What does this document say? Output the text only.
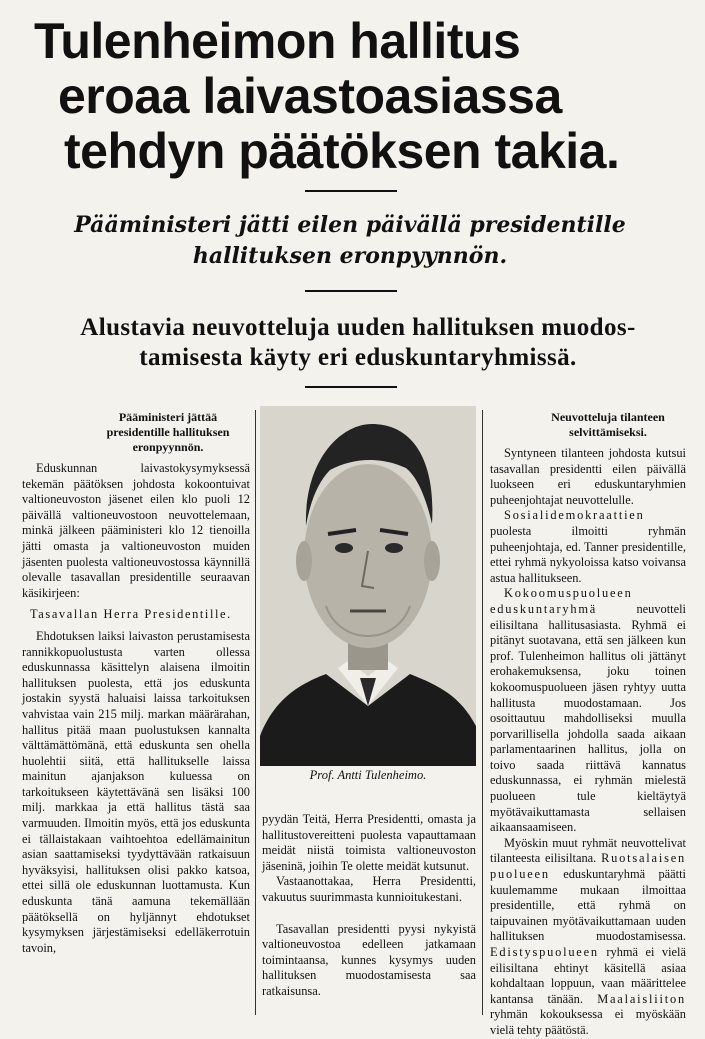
Tulenheimon hallitus
eroaa laivastoasiassa
tehdyn päätöksen takia.
Pääministeri jätti eilen päivällä presidentille
hallituksen eronpyynnön.
Alustavia neuvotteluja uuden hallituksen muodos-
tamisesta käyty eri eduskuntaryhmissä.

Pääministeri jättää presidentille hallituksen eronpyynnön.

Eduskunnan laivastokysymyksessä tekemän päätöksen johdosta kokoontuivat valtioneuvoston jäsenet eilen klo puoli 12 päivällä valtioneuvostoon neuvottelemaan, minkä jälkeen pääministeri klo 12 tienoilla jätti omasta ja valtioneuvoston muiden jäsenten puolesta valtioneuvostossa käynnillä olevalle tasavallan presidentille seuraavan käsikirjeen:

Tasavallan Herra Presidentille.

Ehdotuksen laiksi laivaston perustamisesta rannikkopuolustusta varten ollessa eduskunnassa käsittelyn alaisena ilmoitin hallituksen puolesta, että jos eduskunta jostakin syystä haluaisi laissa tarkoituksen vahvistaa vain 215 milj. markan määrärahan, hallitus pitää maan puolustuksen kannalta välttämättömänä, että eduskunta sen ohella huolehtii siitä, että hallitukselle laissa mainitun ajanjakson kuluessa on tarkoitukseen käytettävänä sen lisäksi 100 milj. markkaa ja että hallitus tästä saa varmuuden. Ilmoitin myös, että jos eduskunta ei tällaistakaan vaihtoehtoa edellämainitun asian saattamiseksi tyydyttävään ratkaisuun hyväksyisi, hallituksen olisi pakko katsoa, ettei sillä ole eduskunnan luottamusta. Kun eduskunta tänä aamuna tekemällään päätöksellä on hyljännyt ehdotukset kysymyksen järjestämiseksi edelläkerrotuin tavoin,

Prof. Antti Tulenheimo.

pyydän Teitä, Herra Presidentti, omasta ja hallitustovereitteni puolesta vapauttamaan meidät niistä toimista valtioneuvoston jäseninä, joihin Te olette meidät kutsunut.

Vastaanottakaa, Herra Presidentti, vakuutus suurimmasta kunnioitukestani.

Tasavallan presidentti pyysi nykyistä valtioneuvostoa edelleen jatkamaan toimintaansa, kunnes kysymys uuden hallituksen muodostamisesta saa ratkaisunsa.

Neuvotteluja tilanteen selvittämiseksi.

Syntyneen tilanteen johdosta kutsui tasavallan presidentti eilen päivällä luokseen eri eduskuntaryhmien puheenjohtajat neuvottelulle.

Sosialidemokraattien puolesta ilmoitti ryhmän puheenjohtaja, ed. Tanner presidentille, ettei ryhmä nykyoloissa katso voivansa astua hallitukseen.

Kokoomuspuolueen eduskuntaryhmä	neuvotteli eilisiltana hallitusasiasta. Ryhmä ei pitänyt suotavana, että sen jälkeen kun prof. Tulenheimon hallitus oli jättänyt erohakemuksensa, joku toinen kokoomuspuolueen jäsen ryhtyy uutta hallitusta muodostamaan. Jos osoittautuu mahdolliseksi muulla porvarillisella johdolla saada aikaan parlamentaarinen hallitus, jolla on toivo saada riittävä kannatus eduskunnassa, ei ryhmän mielestä puolueen tule kieltäytyä myötävaikuttamasta sellaisen aikaansaamiseen.

Myöskin muut ryhmät neuvottelivat tilanteesta eilisiltana. Ruotsalaisen puolueen eduskuntaryhmä päätti kuulemamme mukaan ilmoittaa presidentille, että ryhmä on taipuvainen myötävaikuttamaan uuden hallituksen muodostamisessa. Edistyspuolueen ryhmä ei vielä eilisiltana ehtinyt käsitellä asiaa kohdaltaan loppuun, vaan määrittelee kantansa tänään. Maalaisliiton ryhmän kokouksessa ei myöskään vielä tehty päätöstä.
